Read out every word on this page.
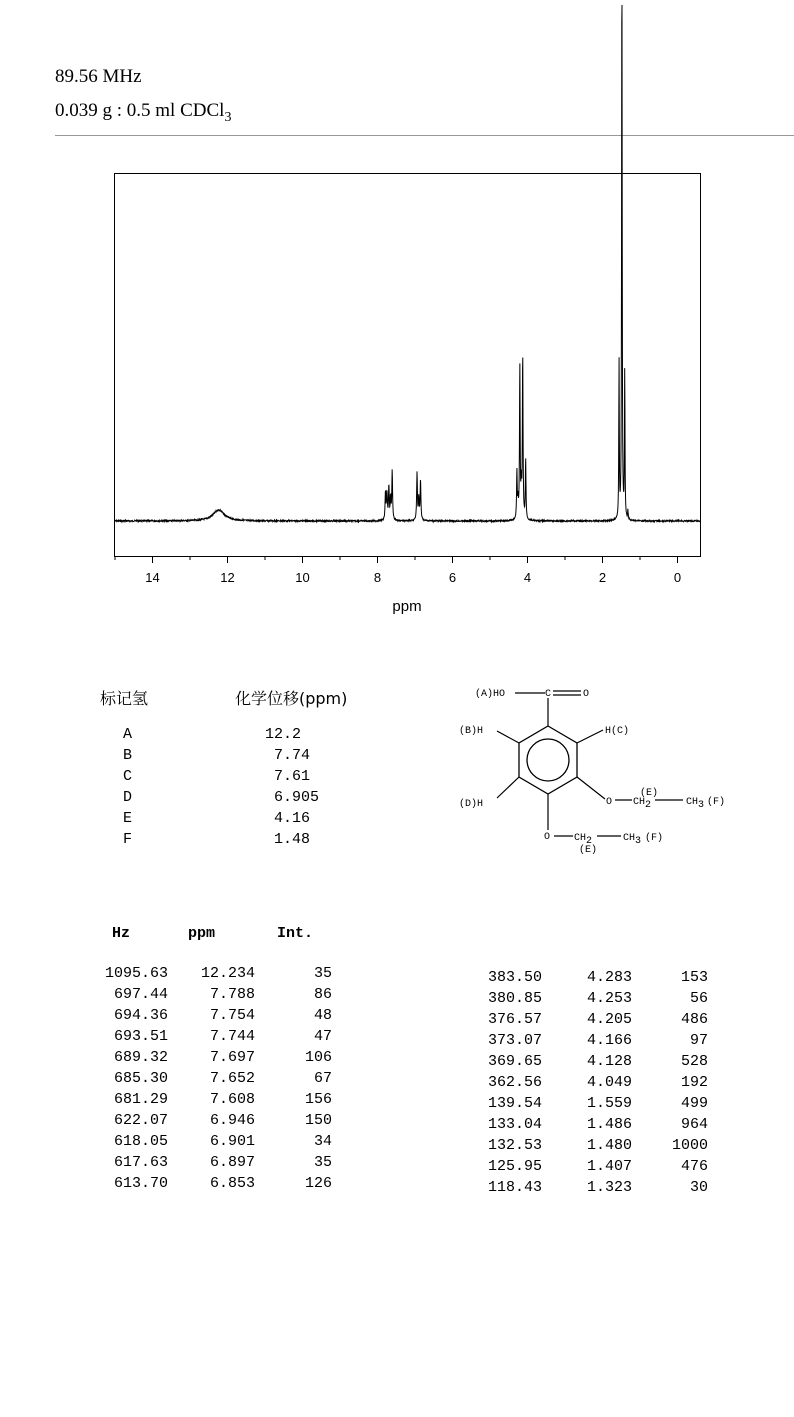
89.56 MHz
0.039 g : 0.5 ml CDCl$_3$
14	12	10	8	6	4	2	0
ppm
标记氢	化学位移(ppm)
A	12.2
B	7.74
C	7.61
D	6.905
E	4.16
F	1.48
(A)HO	C	O
(B)H	H(C)
(D)H	O
(E)
CH2	CH3 (F)
O CH2
(E)
CH3 (F)
Hz	ppm	Int.
1095.63	12.234	35
697.44	7.788	86
694.36	7.754	48
693.51	7.744	47
689.32	7.697	106
685.30	7.652	67
681.29	7.608	156
622.07	6.946	150
618.05	6.901	34
617.63	6.897	35
613.70	6.853	126
383.50	4.283	153
380.85	4.253	56
376.57	4.205	486
373.07	4.166	97
369.65	4.128	528
362.56	4.049	192
139.54	1.559	499
133.04	1.486	964
132.53	1.480	1000
125.95	1.407	476
118.43	1.323	30
